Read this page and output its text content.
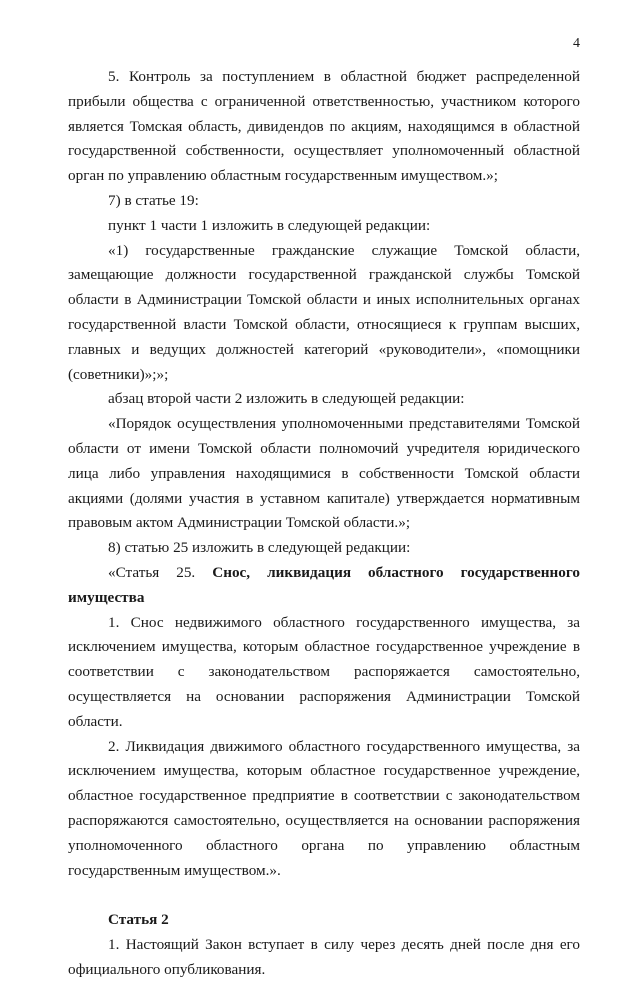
4

5. Контроль за поступлением в областной бюджет распределенной прибыли общества с ограниченной ответственностью, участником которого является Томская область, дивидендов по акциям, находящимся в областной государственной собственности, осуществляет уполномоченный областной орган по управлению областным государственным имуществом.»;

7) в статье 19:

пункт 1 части 1 изложить в следующей редакции:

«1) государственные гражданские служащие Томской области, замещающие должности государственной гражданской службы Томской области в Администрации Томской области и иных исполнительных органах государственной власти Томской области, относящиеся к группам высших, главных и ведущих должностей категорий «руководители», «помощники (советники)»;»;

абзац второй части 2 изложить в следующей редакции:

«Порядок осуществления уполномоченными представителями Томской области от имени Томской области полномочий учредителя юридического лица либо управления находящимися в собственности Томской области акциями (долями участия в уставном капитале) утверждается нормативным правовым актом Администрации Томской области.»;

8) статью 25 изложить в следующей редакции:

«Статья 25. Снос, ликвидация областного государственного имущества

1. Снос недвижимого областного государственного имущества, за исключением имущества, которым областное государственное учреждение в соответствии с законодательством распоряжается самостоятельно, осуществляется на основании распоряжения Администрации Томской области.

2. Ликвидация движимого областного государственного имущества, за исключением имущества, которым областное государственное учреждение, областное государственное предприятие в соответствии с законодательством распоряжаются самостоятельно, осуществляется на основании распоряжения уполномоченного областного органа по управлению областным государственным имуществом.».

Статья 2

1. Настоящий Закон вступает в силу через десять дней после дня его официального опубликования.
